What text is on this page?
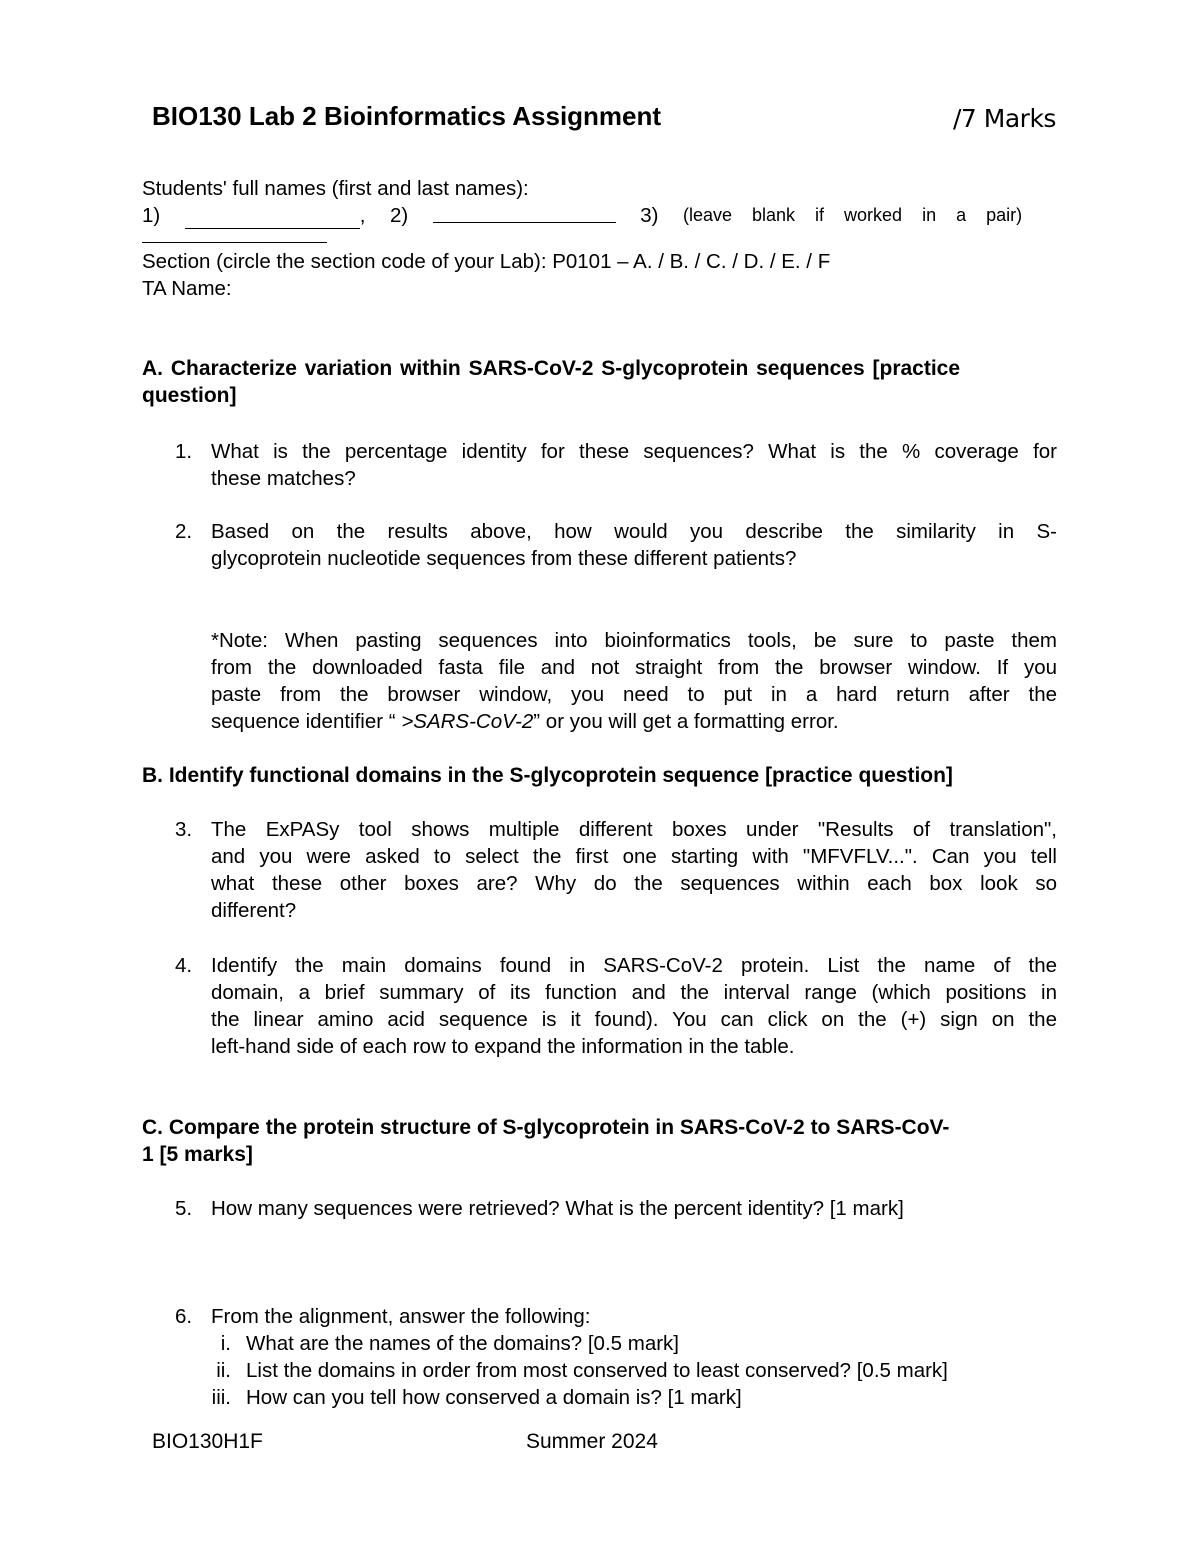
BIO130 Lab 2 Bioinformatics Assignment	/7 Marks
Students' full names (first and last names):
1)	, 2)	3) (leave blank if worked in a pair)
Section (circle the section code of your Lab): P0101 – A. / B. / C. / D. / E. / F
TA Name:
A. Characterize variation within SARS-CoV-2 S-glycoprotein sequences [practice
question]
1. What is the percentage identity for these sequences? What is the % coverage for

these matches?

2. Based on the results above, how would you describe the similarity in S-

glycoprotein nucleotide sequences from these different patients?

*Note: When pasting sequences into bioinformatics tools, be sure to paste them

from the downloaded fasta file and not straight from the browser window. If you

paste from the browser window, you need to put in a hard return after the

sequence identifier “ >SARS-CoV-2” or you will get a formatting error.

B. Identify functional domains in the S-glycoprotein sequence [practice question]
3. The ExPASy tool shows multiple different boxes under "Results of translation",

and you were asked to select the first one starting with "MFVFLV...". Can you tell

what these other boxes are? Why do the sequences within each box look so

different?

4. Identify the main domains found in SARS-CoV-2 protein. List the name of the

domain, a brief summary of its function and the interval range (which positions in

the linear amino acid sequence is it found). You can click on the (+) sign on the

left-hand side of each row to expand the information in the table.

C. Compare the protein structure of S-glycoprotein in SARS-CoV-2 to SARS-CoV-
1 [5 marks]
5. How many sequences were retrieved? What is the percent identity? [1 mark]

6. From the alignment, answer the following:

i. What are the names of the domains? [0.5 mark]
ii. List the domains in order from most conserved to least conserved? [0.5 mark]
iii. How can you tell how conserved a domain is? [1 mark]
BIO130H1F	Summer 2024
